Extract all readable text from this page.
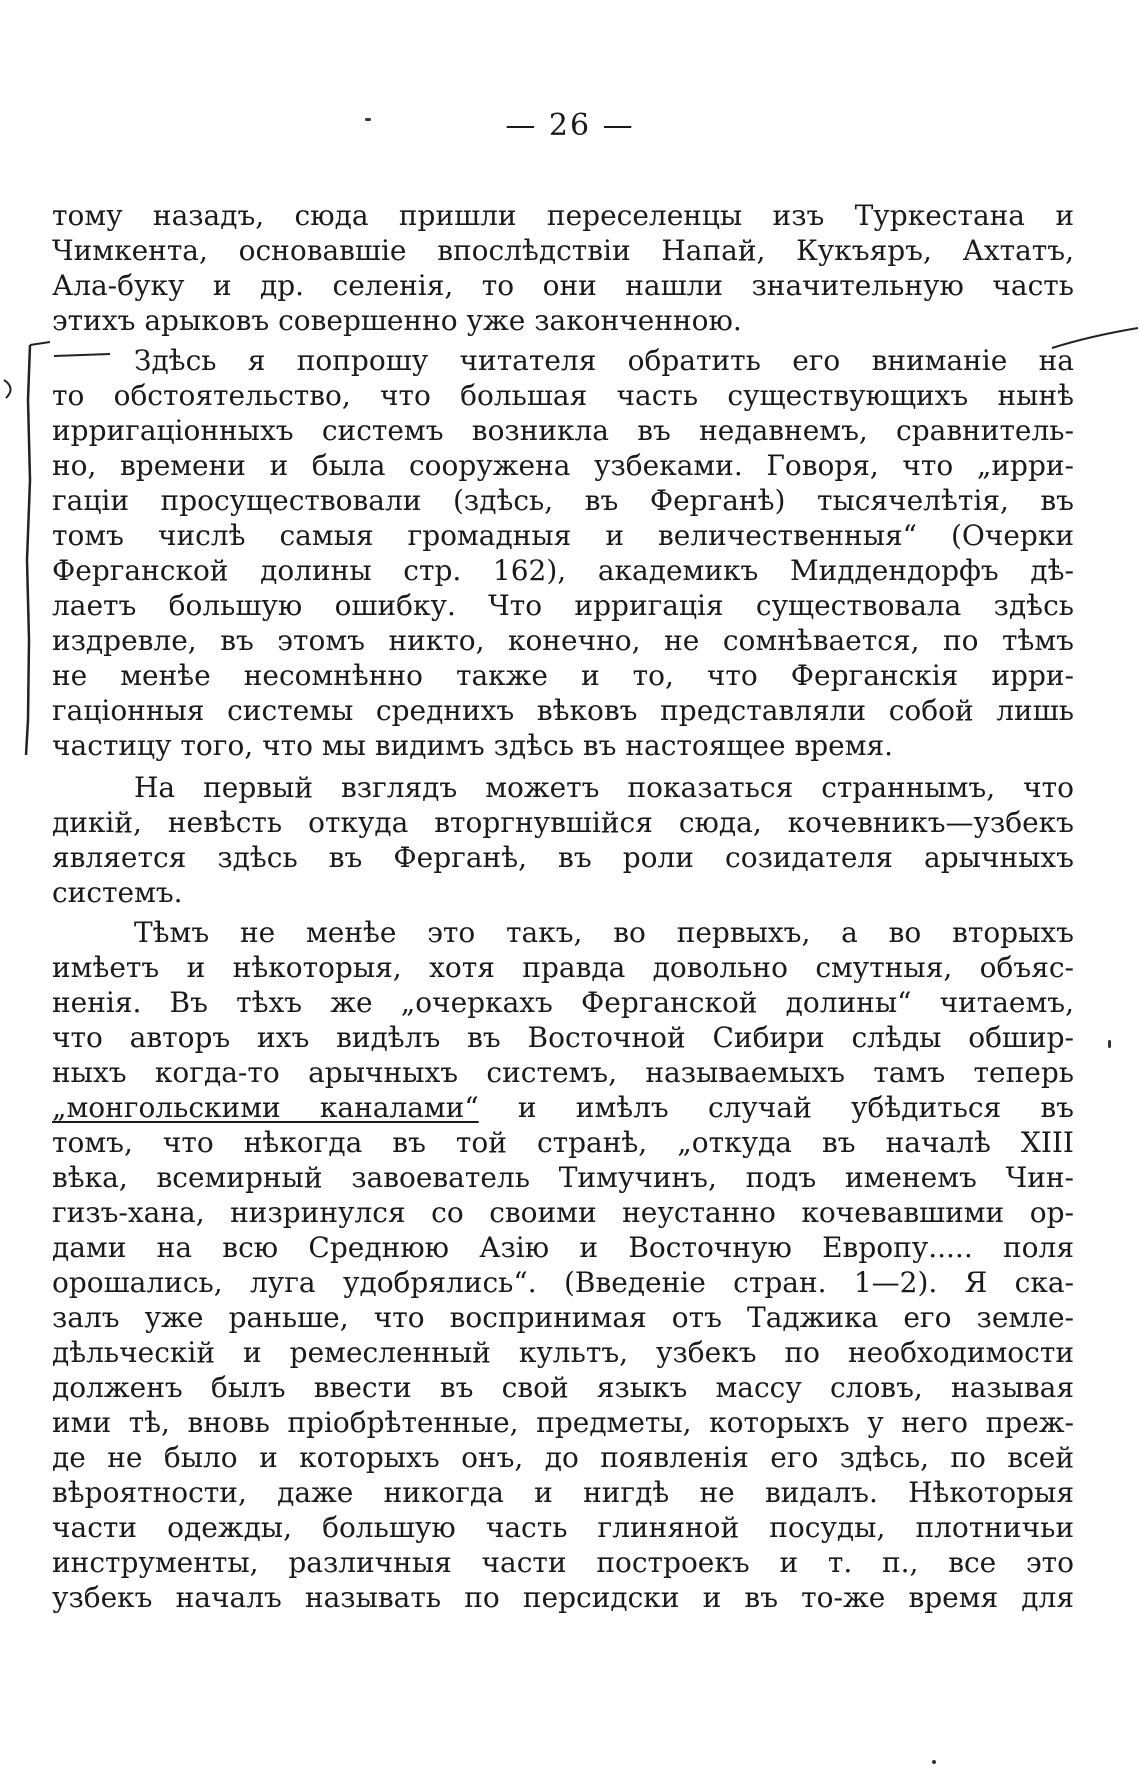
— 26 —
тому назадъ, сюда пришли переселенцы изъ Туркестана и
Чимкента, основавшіе впослѣдствіи Напай, Кукъяръ, Ахтатъ,
Ала-буку и др. селенія, то они нашли значительную часть
этихъ арыковъ совершенно уже законченною.
Здѣсь я попрошу читателя обратить его вниманіе на
то обстоятельство, что большая часть существующихъ нынѣ
ирригаціонныхъ системъ возникла въ недавнемъ, сравнитель-
но, времени и была сооружена узбеками. Говоря, что „ирри-
гаціи просуществовали (здѣсь, въ Ферганѣ) тысячелѣтія, въ
томъ числѣ самыя громадныя и величественныя“ (Очерки
Ферганской долины стр. 162), академикъ Миддендорфъ дѣ-
лаетъ большую ошибку. Что ирригація существовала здѣсь
издревле, въ этомъ никто, конечно, не сомнѣвается, по тѣмъ
не менѣе несомнѣнно также и то, что Ферганскія ирри-
гаціонныя системы среднихъ вѣковъ представляли собой лишь
частицу того, что мы видимъ здѣсь въ настоящее время.
На первый взглядъ можетъ показаться страннымъ, что
дикій, невѣсть откуда вторгнувшійся сюда, кочевникъ—узбекъ
является здѣсь въ Ферганѣ, въ роли созидателя арычныхъ
системъ.
Тѣмъ не менѣе это такъ, во первыхъ, а во вторыхъ
имѣетъ и нѣкоторыя, хотя правда довольно смутныя, объяс-
ненія. Въ тѣхъ же „очеркахъ Ферганской долины“ читаемъ,
что авторъ ихъ видѣлъ въ Восточной Сибири слѣды обшир-
ныхъ когда-то арычныхъ системъ, называемыхъ тамъ теперь
„монгольскими каналами“ и имѣлъ случай убѣдиться въ
томъ, что нѣкогда въ той странѣ, „откуда въ началѣ XIII
вѣка, всемирный завоеватель Тимучинъ, подъ именемъ Чин-
гизъ-хана, низринулся со своими неустанно кочевавшими ор-
дами на всю Среднюю Азію и Восточную Европу..... поля
орошались, луга удобрялись“. (Введеніе стран. 1—2). Я ска-
залъ уже раньше, что воспринимая отъ Таджика его земле-
дѣльческій и ремесленный культъ, узбекъ по необходимости
долженъ былъ ввести въ свой языкъ массу словъ, называя
ими тѣ, вновь пріобрѣтенные, предметы, которыхъ у него преж-
де не было и которыхъ онъ, до появленія его здѣсь, по всей
вѣроятности, даже никогда и нигдѣ не видалъ. Нѣкоторыя
части одежды, большую часть глиняной посуды, плотничьи
инструменты, различныя части построекъ и т. п., все это
узбекъ началъ называть по персидски и въ то-же время для
